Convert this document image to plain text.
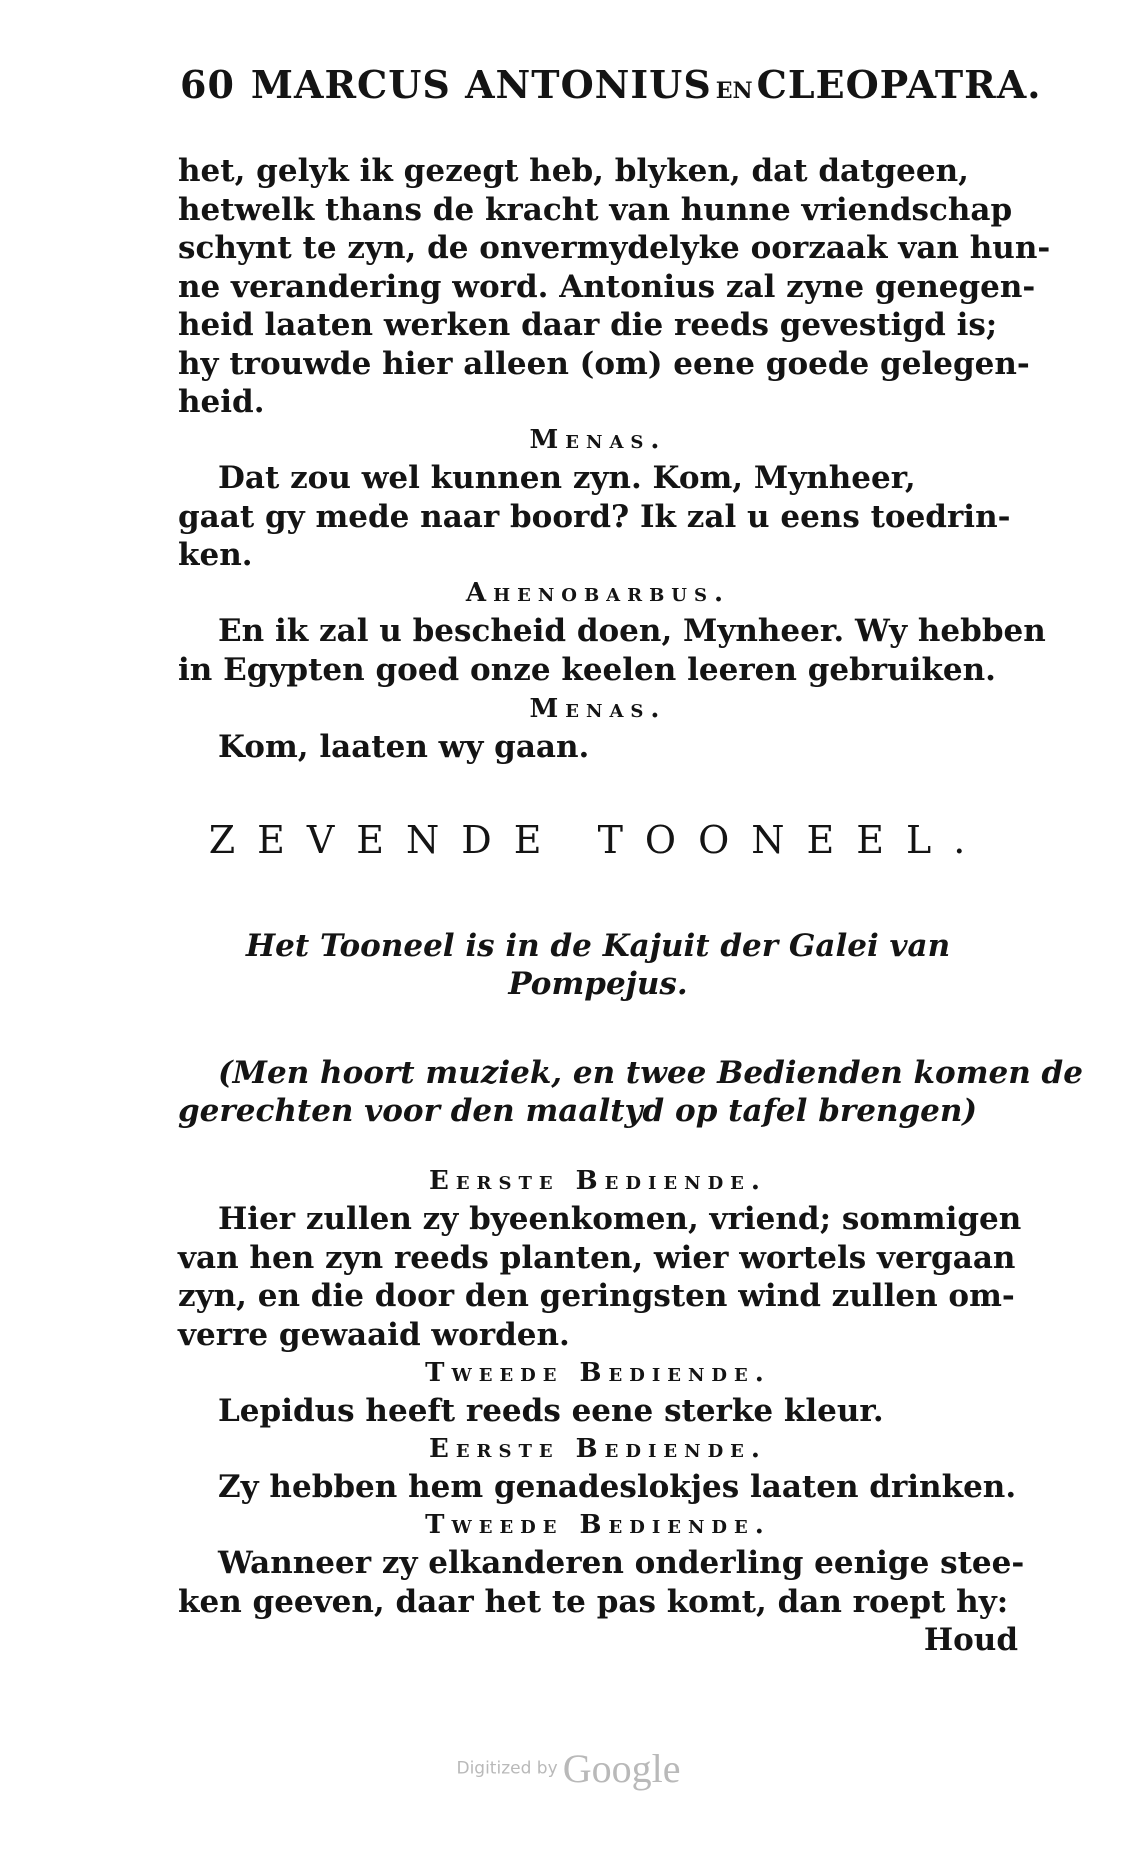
60 MARCUS ANTONIUS EN CLEOPATRA.
het, gelyk ik gezegt heb, blyken, dat datgeen,
hetwelk thans de kracht van hunne vriendschap
schynt te zyn, de onvermydelyke oorzaak van hun-
ne verandering word. Antonius zal zyne genegen-
heid laaten werken daar die reeds gevestigd is;
hy trouwde hier alleen (om) eene goede gelegen-
heid.
Menas.
Dat zou wel kunnen zyn. Kom, Mynheer,
gaat gy mede naar boord? Ik zal u eens toedrin-
ken.
Ahenobarbus.
En ik zal u bescheid doen, Mynheer. Wy hebben
in Egypten goed onze keelen leeren gebruiken.
Menas.
Kom, laaten wy gaan.
ZEVENDE TOONEEL.
Het Tooneel is in de Kajuit der Galei van
Pompejus.
(Men hoort muziek, en twee Bedienden komen de
gerechten voor den maaltyd op tafel brengen)
Eerste Bediende.
Hier zullen zy byeenkomen, vriend; sommigen
van hen zyn reeds planten, wier wortels vergaan
zyn, en die door den geringsten wind zullen om-
verre gewaaid worden.
Tweede Bediende.
Lepidus heeft reeds eene sterke kleur.
Eerste Bediende.
Zy hebben hem genadeslokjes laaten drinken.
Tweede Bediende.
Wanneer zy elkanderen onderling eenige stee-
ken geeven, daar het te pas komt, dan roept hy:
Houd
Digitized by Google
